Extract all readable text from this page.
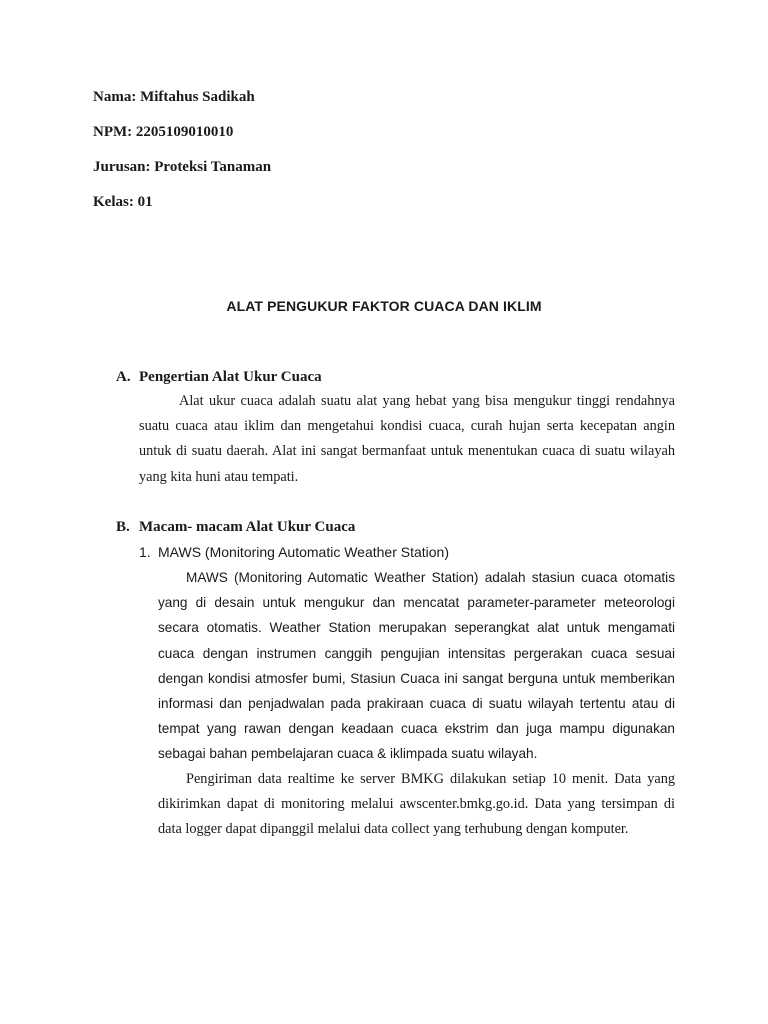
Nama: Miftahus Sadikah
NPM: 2205109010010
Jurusan: Proteksi Tanaman
Kelas: 01
ALAT PENGUKUR FAKTOR CUACA DAN IKLIM
A. Pengertian Alat Ukur Cuaca

Alat ukur cuaca adalah suatu alat yang hebat yang bisa mengukur tinggi rendahnya suatu cuaca atau iklim dan mengetahui kondisi cuaca, curah hujan serta kecepatan angin untuk di suatu daerah. Alat ini sangat bermanfaat untuk menentukan cuaca di suatu wilayah yang kita huni atau tempati.

B. Macam- macam Alat Ukur Cuaca
1. MAWS (Monitoring Automatic Weather Station)

MAWS (Monitoring Automatic Weather Station) adalah stasiun cuaca otomatis yang di desain untuk mengukur dan mencatat parameter-parameter meteorologi secara otomatis. Weather Station merupakan seperangkat alat untuk mengamati cuaca dengan instrumen canggih pengujian intensitas pergerakan cuaca sesuai dengan kondisi atmosfer bumi, Stasiun Cuaca ini sangat berguna untuk memberikan informasi dan penjadwalan pada prakiraan cuaca di suatu wilayah tertentu atau di tempat yang rawan dengan keadaan cuaca ekstrim dan juga mampu digunakan sebagai bahan pembelajaran cuaca & iklimpada suatu wilayah.

Pengiriman data realtime ke server BMKG dilakukan setiap 10 menit. Data yang dikirimkan dapat di monitoring melalui awscenter.bmkg.go.id. Data yang tersimpan di data logger dapat dipanggil melalui data collect yang terhubung dengan komputer.
